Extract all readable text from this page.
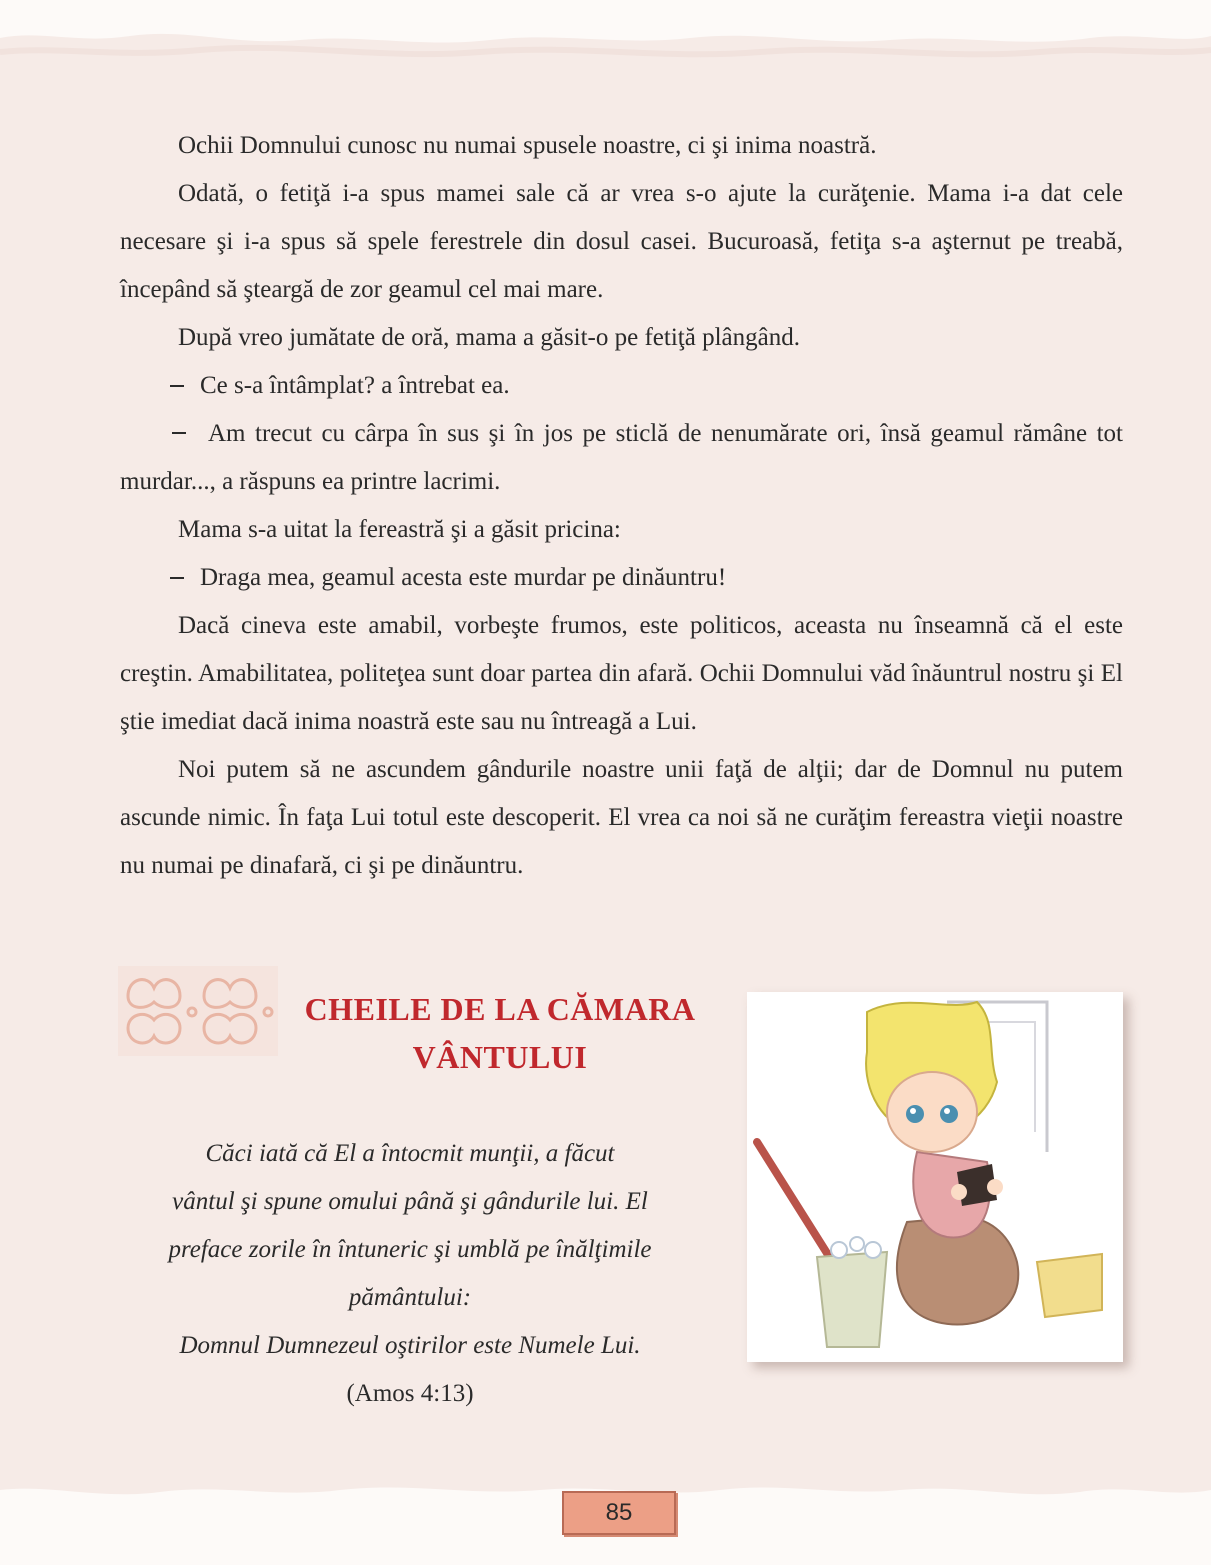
Ochii Domnului cunosc nu numai spusele noastre, ci şi inima noastră.

Odată, o fetiţă i-a spus mamei sale că ar vrea s-o ajute la curăţenie. Mama i-a dat cele necesare şi i-a spus să spele ferestrele din dosul casei. Bucuroasă, fetiţa s-a aşternut pe treabă, începând să şteargă de zor geamul cel mai mare.

După vreo jumătate de oră, mama a găsit-o pe fetiţă plângând.

Ce s-a întâmplat? a întrebat ea.

Am trecut cu cârpa în sus şi în jos pe sticlă de nenumărate ori, însă geamul rămâne tot murdar..., a răspuns ea printre lacrimi.

Mama s-a uitat la fereastră şi a găsit pricina:

Draga mea, geamul acesta este murdar pe dinăuntru!

Dacă cineva este amabil, vorbeşte frumos, este politicos, aceasta nu înseamnă că el este creştin. Amabilitatea, politeţea sunt doar partea din afară. Ochii Domnului văd înăuntrul nostru şi El ştie imediat dacă inima noastră este sau nu întreagă a Lui.

Noi putem să ne ascundem gândurile noastre unii faţă de alţii; dar de Domnul nu putem ascunde nimic. În faţa Lui totul este descoperit. El vrea ca noi să ne curăţim fereastra vieţii noastre nu numai pe dinafară, ci şi pe dinăuntru.

CHEILE DE LA CĂMARA
VÂNTULUI
Căci iată că El a întocmit munţii, a făcut
vântul şi spune omului până şi gândurile lui. El
preface zorile în întuneric şi umblă pe înălţimile
pământului:
Domnul Dumnezeul oştirilor este Numele Lui.
(Amos 4:13)
85
